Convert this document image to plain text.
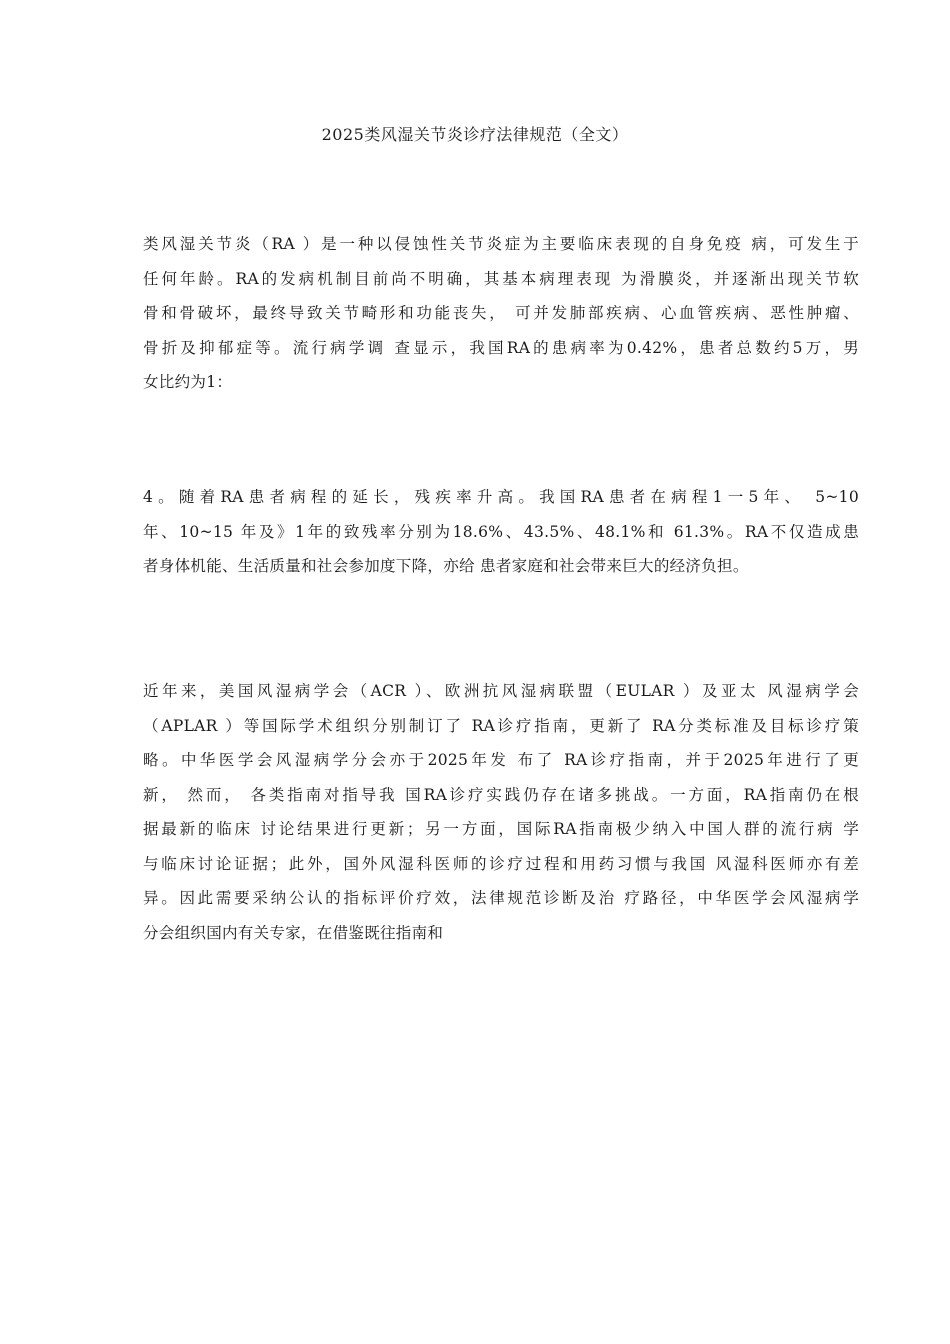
2025类风湿关节炎诊疗法律规范（全文）
类风湿关节炎（RA ）是一种以侵蚀性关节炎症为主要临床表现的自身免疫 病，可发生于
任何年龄。RA的发病机制目前尚不明确，其基本病理表现 为滑膜炎，并逐渐出现关节软
骨和骨破坏，最终导致关节畸形和功能丧失， 可并发肺部疾病、心血管疾病、恶性肿瘤、
骨折及抑郁症等。流行病学调 查显示，我国RA的患病率为0.42%，患者总数约5万，男
女比约为1：
4。随着RA患者病程的延长，残疾率升高。我国RA患者在病程1一5年、 5~10
年、10~15 年及》1年的致残率分别为18.6%、43.5%、48.1%和 61.3%。RA不仅造成患
者身体机能、生活质量和社会参加度下降，亦给 患者家庭和社会带来巨大的经济负担。
近年来，美国风湿病学会（ACR ）、欧洲抗风湿病联盟（EULAR ）及亚太 风湿病学会
（APLAR ）等国际学术组织分别制订了 RA诊疗指南，更新了 RA分类标准及目标诊疗策
略。中华医学会风湿病学分会亦于2025年发 布了 RA诊疗指南，并于2025年进行了更
新， 然而， 各类指南对指导我 国RA诊疗实践仍存在诸多挑战。一方面，RA指南仍在根
据最新的临床 讨论结果进行更新；另一方面，国际RA指南极少纳入中国人群的流行病 学
与临床讨论证据；此外，国外风湿科医师的诊疗过程和用药习惯与我国 风湿科医师亦有差
异。因此需要采纳公认的指标评价疗效，法律规范诊断及治 疗路径，中华医学会风湿病学
分会组织国内有关专家，在借鉴既往指南和
